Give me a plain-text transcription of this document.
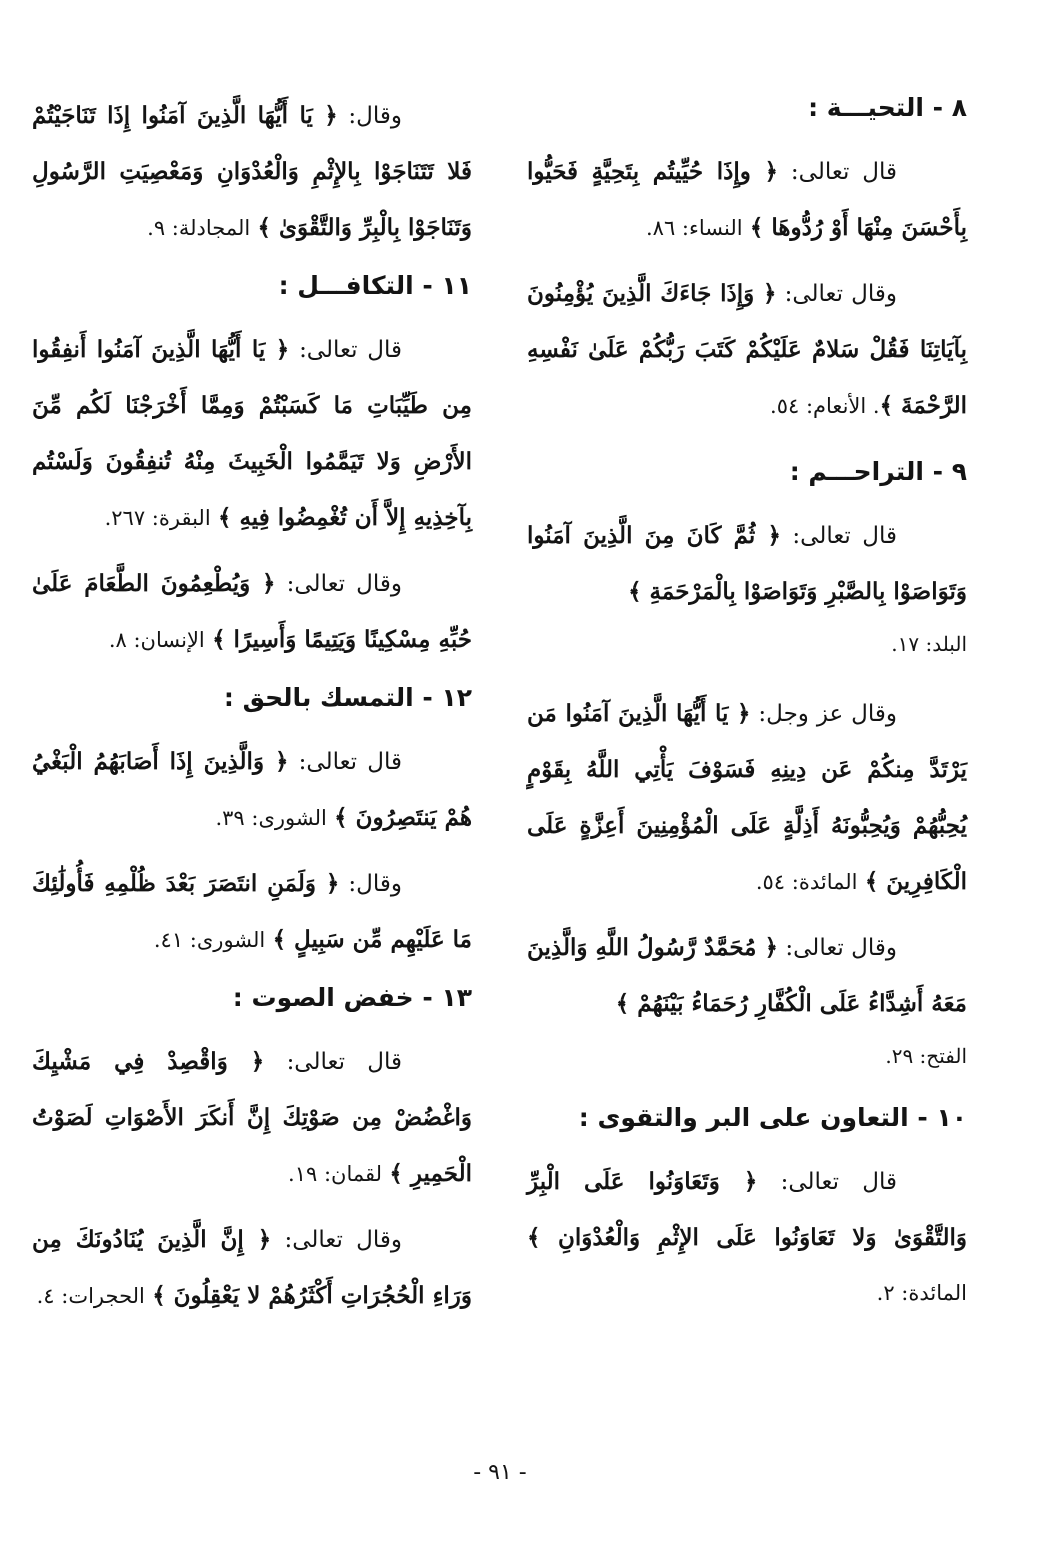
٨ - التحيـــة :

قال تعالى: ﴿ وإِذَا حُيِّيتُم بِتَحِيَّةٍ فَحَيُّوا بِأَحْسَنَ مِنْهَا أَوْ رُدُّوهَا ﴾ النساء: ٨٦.

وقال تعالى: ﴿ وَإِذَا جَاءَكَ الَّذِينَ يُؤْمِنُونَ بِآيَاتِنَا فَقُلْ سَلامٌ عَلَيْكُمْ كَتَبَ رَبُّكُمْ عَلَىٰ نَفْسِهِ الرَّحْمَةَ ﴾. الأنعام: ٥٤.

٩ - التراحـــم :

قال تعالى: ﴿ ثُمَّ كَانَ مِنَ الَّذِينَ آمَنُوا وَتَوَاصَوْا بِالصَّبْرِ وَتَوَاصَوْا بِالْمَرْحَمَةِ ﴾

البلد: ١٧.

وقال عز وجل: ﴿ يَا أَيُّهَا الَّذِينَ آمَنُوا مَن يَرْتَدَّ مِنكُمْ عَن دِينِهِ فَسَوْفَ يَأْتِي اللَّهُ بِقَوْمٍ يُحِبُّهُمْ وَيُحِبُّونَهُ أَذِلَّةٍ عَلَى الْمُؤْمِنِينَ أَعِزَّةٍ عَلَى الْكَافِرِينَ ﴾ المائدة: ٥٤.

وقال تعالى: ﴿ مُحَمَّدٌ رَّسُولُ اللَّهِ وَالَّذِينَ مَعَهُ أَشِدَّاءُ عَلَى الْكُفَّارِ رُحَمَاءُ بَيْنَهُمْ ﴾

الفتح: ٢٩.
١٠ - التعاون على البر والتقوى :

قال تعالى: ﴿ وَتَعَاوَنُوا عَلَى الْبِرِّ وَالتَّقْوَىٰ وَلا تَعَاوَنُوا عَلَى الإِثْمِ وَالْعُدْوَانِ ﴾ المائدة: ٢.

وقال: ﴿ يَا أَيُّهَا الَّذِينَ آمَنُوا إِذَا تَنَاجَيْتُمْ فَلا تَتَنَاجَوْا بِالإِثْمِ وَالْعُدْوَانِ وَمَعْصِيَتِ الرَّسُولِ وَتَنَاجَوْا بِالْبِرِّ وَالتَّقْوَىٰ ﴾ المجادلة: ٩.

١١ - التكافـــل :

قال تعالى: ﴿ يَا أَيُّهَا الَّذِينَ آمَنُوا أَنفِقُوا مِن طَيِّبَاتِ مَا كَسَبْتُمْ وَمِمَّا أَخْرَجْنَا لَكُم مِّنَ الأَرْضِ وَلا تَيَمَّمُوا الْخَبِيثَ مِنْهُ تُنفِقُونَ وَلَسْتُم بِآخِذِيهِ إِلاَّ أَن تُغْمِضُوا فِيهِ ﴾ البقرة: ٢٦٧.

وقال تعالى: ﴿ وَيُطْعِمُونَ الطَّعَامَ عَلَىٰ حُبِّهِ مِسْكِينًا وَيَتِيمًا وَأَسِيرًا ﴾ الإنسان: ٨.

١٢ - التمسك بالحق :

قال تعالى: ﴿ وَالَّذِينَ إِذَا أَصَابَهُمُ الْبَغْيُ هُمْ يَنتَصِرُونَ ﴾ الشورى: ٣٩.

وقال: ﴿ وَلَمَنِ انتَصَرَ بَعْدَ ظُلْمِهِ فَأُولَٰئِكَ مَا عَلَيْهِم مِّن سَبِيلٍ ﴾ الشورى: ٤١.

١٣ - خفض الصوت :

قال تعالى: ﴿ وَاقْصِدْ فِي مَشْيِكَ وَاغْضُضْ مِن صَوْتِكَ إِنَّ أَنكَرَ الأَصْوَاتِ لَصَوْتُ الْحَمِيرِ ﴾ لقمان: ١٩.

وقال تعالى: ﴿ إِنَّ الَّذِينَ يُنَادُونَكَ مِن وَرَاءِ الْحُجُرَاتِ أَكْثَرُهُمْ لا يَعْقِلُونَ ﴾ الحجرات: ٤.

- ٩١ -
